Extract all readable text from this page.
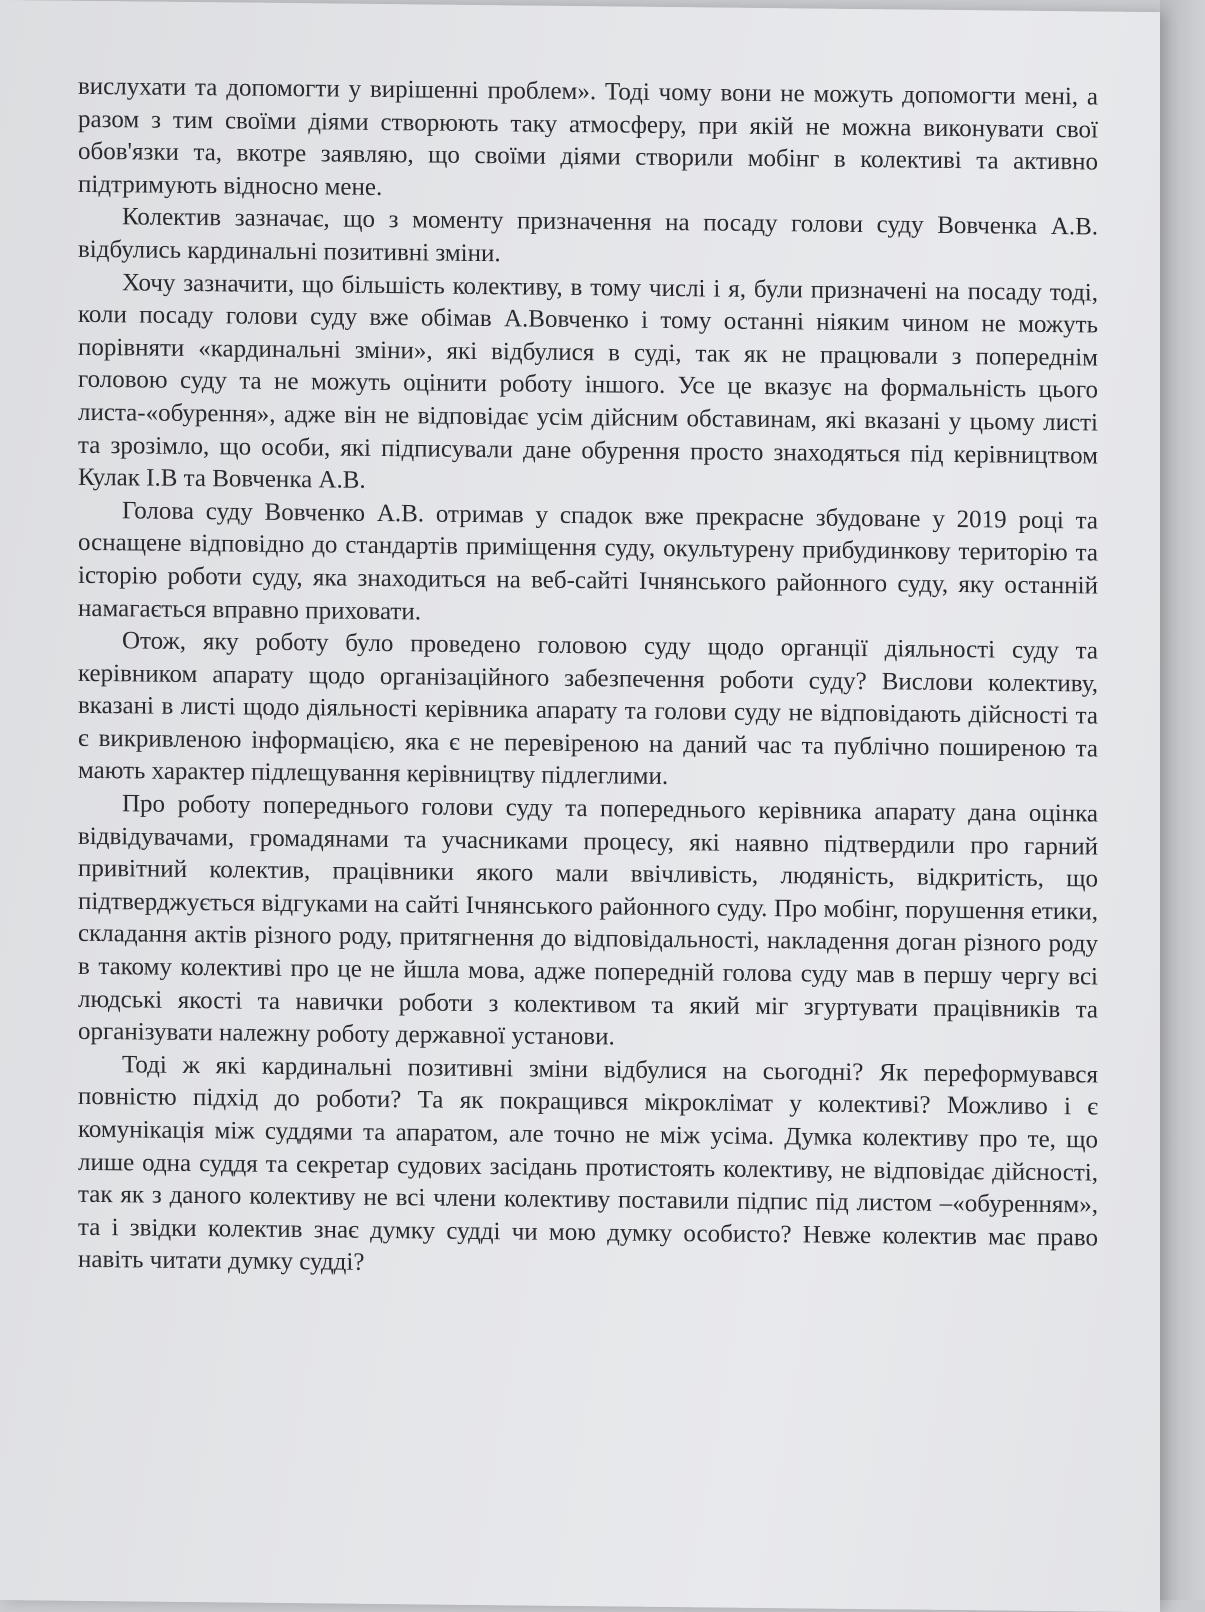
вислухати та допомогти у вирішенні проблем». Тоді чому вони не можуть допомогти мені, а разом з тим своїми діями створюють таку атмосферу, при якій не можна виконувати свої обов'язки та, вкотре заявляю, що своїми діями створили мобінг в колективі та активно підтримують відносно мене.

Колектив зазначає, що з моменту призначення на посаду голови суду Вовченка А.В. відбулись кардинальні позитивні зміни.

Хочу зазначити, що більшість колективу, в тому числі і я, були призначені на посаду тоді, коли посаду голови суду вже обімав А.Вовченко і тому останні ніяким чином не можуть порівняти «кардинальні зміни», які відбулися в суді, так як не працювали з попереднім головою суду та не можуть оцінити роботу іншого. Усе це вказує на формальність цього листа-«обурення», адже він не відповідає усім дійсним обставинам, які вказані у цьому листі та зрозімло, що особи, які підписували дане обурення просто знаходяться під керівництвом Кулак І.В та Вовченка А.В.

Голова суду Вовченко А.В. отримав у спадок вже прекрасне збудоване у 2019 році та оснащене відповідно до стандартів приміщення суду, окультурену прибудинкову територію та історію роботи суду, яка знаходиться на веб-сайті Ічнянського районного суду, яку останній намагається вправно приховати.

Отож, яку роботу було проведено головою суду щодо органції діяльності суду та керівником апарату щодо організаційного забезпечення роботи суду? Вислови колективу, вказані в листі щодо діяльності керівника апарату та голови суду не відповідають дійсності та є викривленою інформацією, яка є не перевіреною на даний час та публічно поширеною та мають характер підлещування керівництву підлеглими.

Про роботу попереднього голови суду та попереднього керівника апарату дана оцінка відвідувачами, громадянами та учасниками процесу, які наявно підтвердили про гарний привітний колектив, працівники якого мали ввічливість, людяність, відкритість, що підтверджується відгуками на сайті Ічнянського районного суду. Про мобінг, порушення етики, складання актів різного роду, притягнення до відповідальності, накладення доган різного роду в такому колективі про це не йшла мова, адже попередній голова суду мав в першу чергу всі людські якості та навички роботи з колективом та який міг згуртувати працівників та організувати належну роботу державної установи.

Тоді ж які кардинальні позитивні зміни відбулися на сьогодні? Як переформувався повністю підхід до роботи? Та як покращився мікроклімат у колективі? Можливо і є комунікація між суддями та апаратом, але точно не між усіма. Думка колективу про те, що лише одна суддя та секретар судових засідань протистоять колективу, не відповідає дійсності, так як з даного колективу не всі члени колективу поставили підпис під листом –«обуренням», та і звідки колектив знає думку судді чи мою думку особисто? Невже колектив має право навіть читати думку судді?
